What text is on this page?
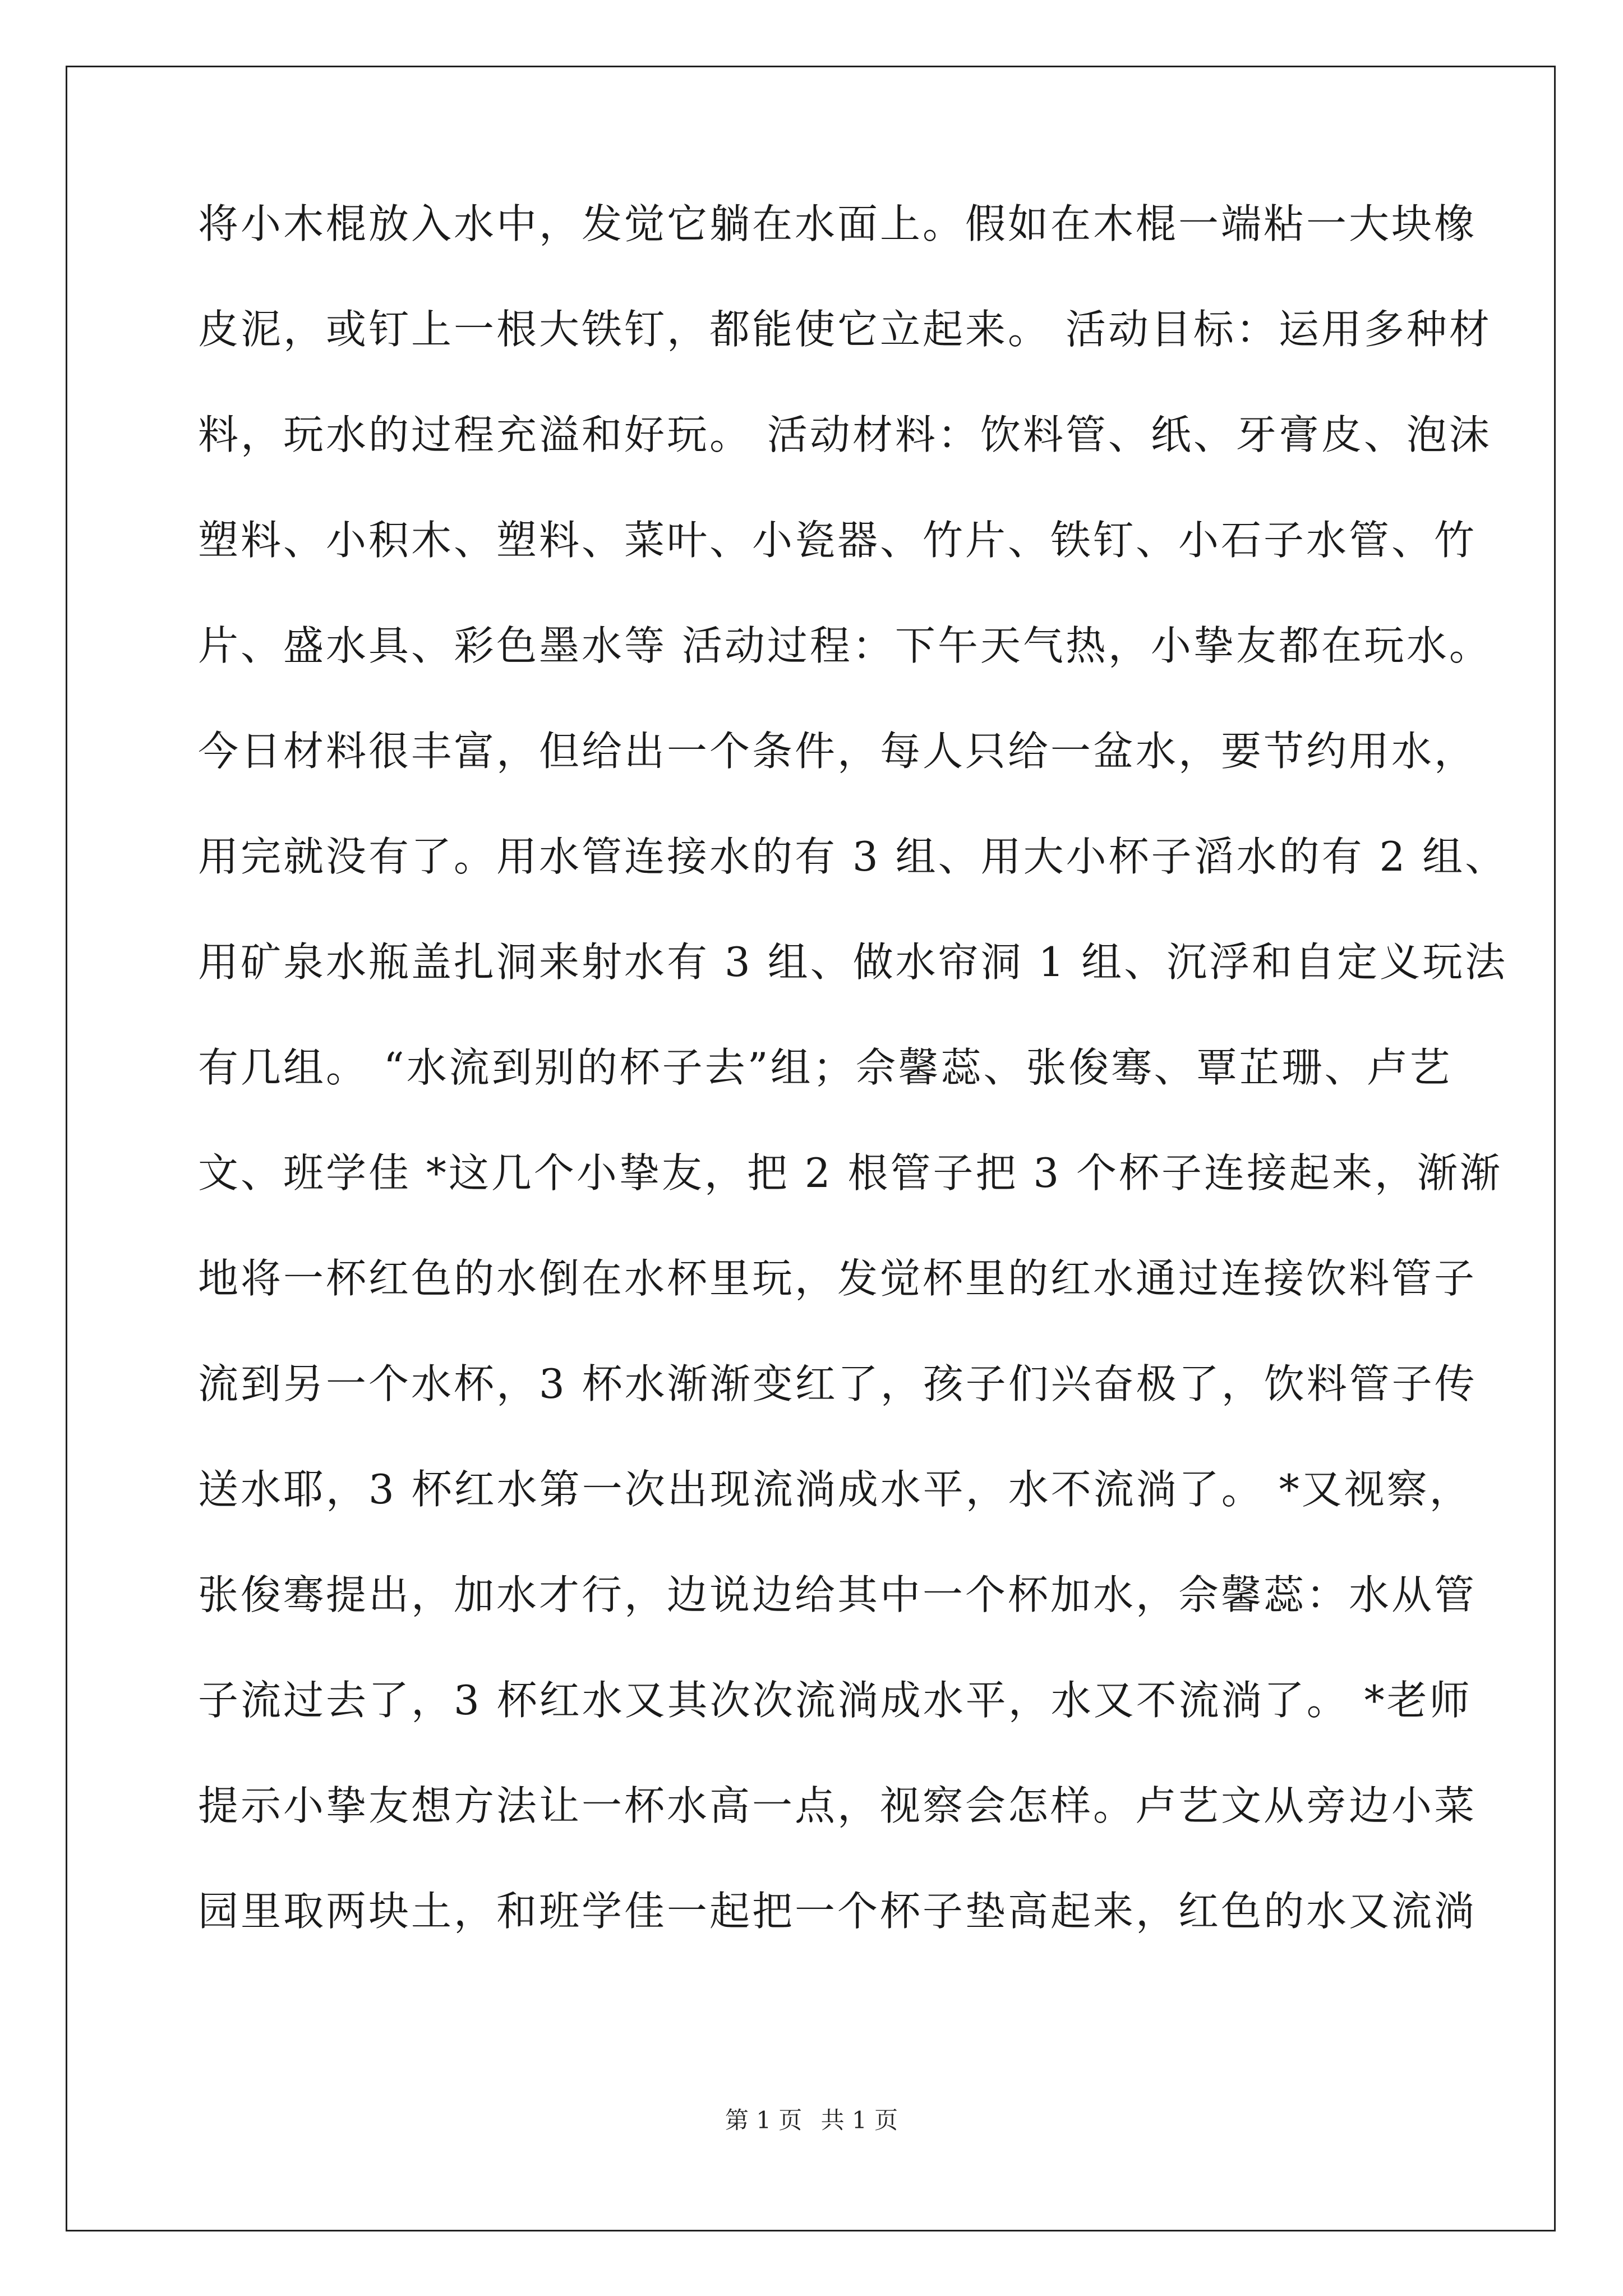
将小木棍放入水中，发觉它躺在水面上。假如在木棍一端粘一大块橡
皮泥，或钉上一根大铁钉，都能使它立起来。 活动目标：运用多种材
料，玩水的过程充溢和好玩。 活动材料：饮料管、纸、牙膏皮、泡沫
塑料、小积木、塑料、菜叶、小瓷器、竹片、铁钉、小石子水管、竹
片、盛水具、彩色墨水等 活动过程：下午天气热，小挚友都在玩水。
今日材料很丰富，但给出一个条件，每人只给一盆水，要节约用水，
用完就没有了。用水管连接水的有 3 组、用大小杯子滔水的有 2 组、
用矿泉水瓶盖扎洞来射水有 3 组、做水帘洞 1 组、沉浮和自定义玩法
有几组。 “水流到别的杯子去”组；佘馨蕊、张俊骞、覃芷珊、卢艺
文、班学佳 *这几个小挚友，把 2 根管子把 3 个杯子连接起来，渐渐
地将一杯红色的水倒在水杯里玩，发觉杯里的红水通过连接饮料管子
流到另一个水杯，3 杯水渐渐变红了，孩子们兴奋极了，饮料管子传
送水耶，3 杯红水第一次出现流淌成水平，水不流淌了。 *又视察，
张俊骞提出，加水才行，边说边给其中一个杯加水，佘馨蕊：水从管
子流过去了，3 杯红水又其次次流淌成水平，水又不流淌了。 *老师
提示小挚友想方法让一杯水高一点，视察会怎样。卢艺文从旁边小菜
园里取两块土，和班学佳一起把一个杯子垫高起来，红色的水又流淌
第 1 页 共 1 页
